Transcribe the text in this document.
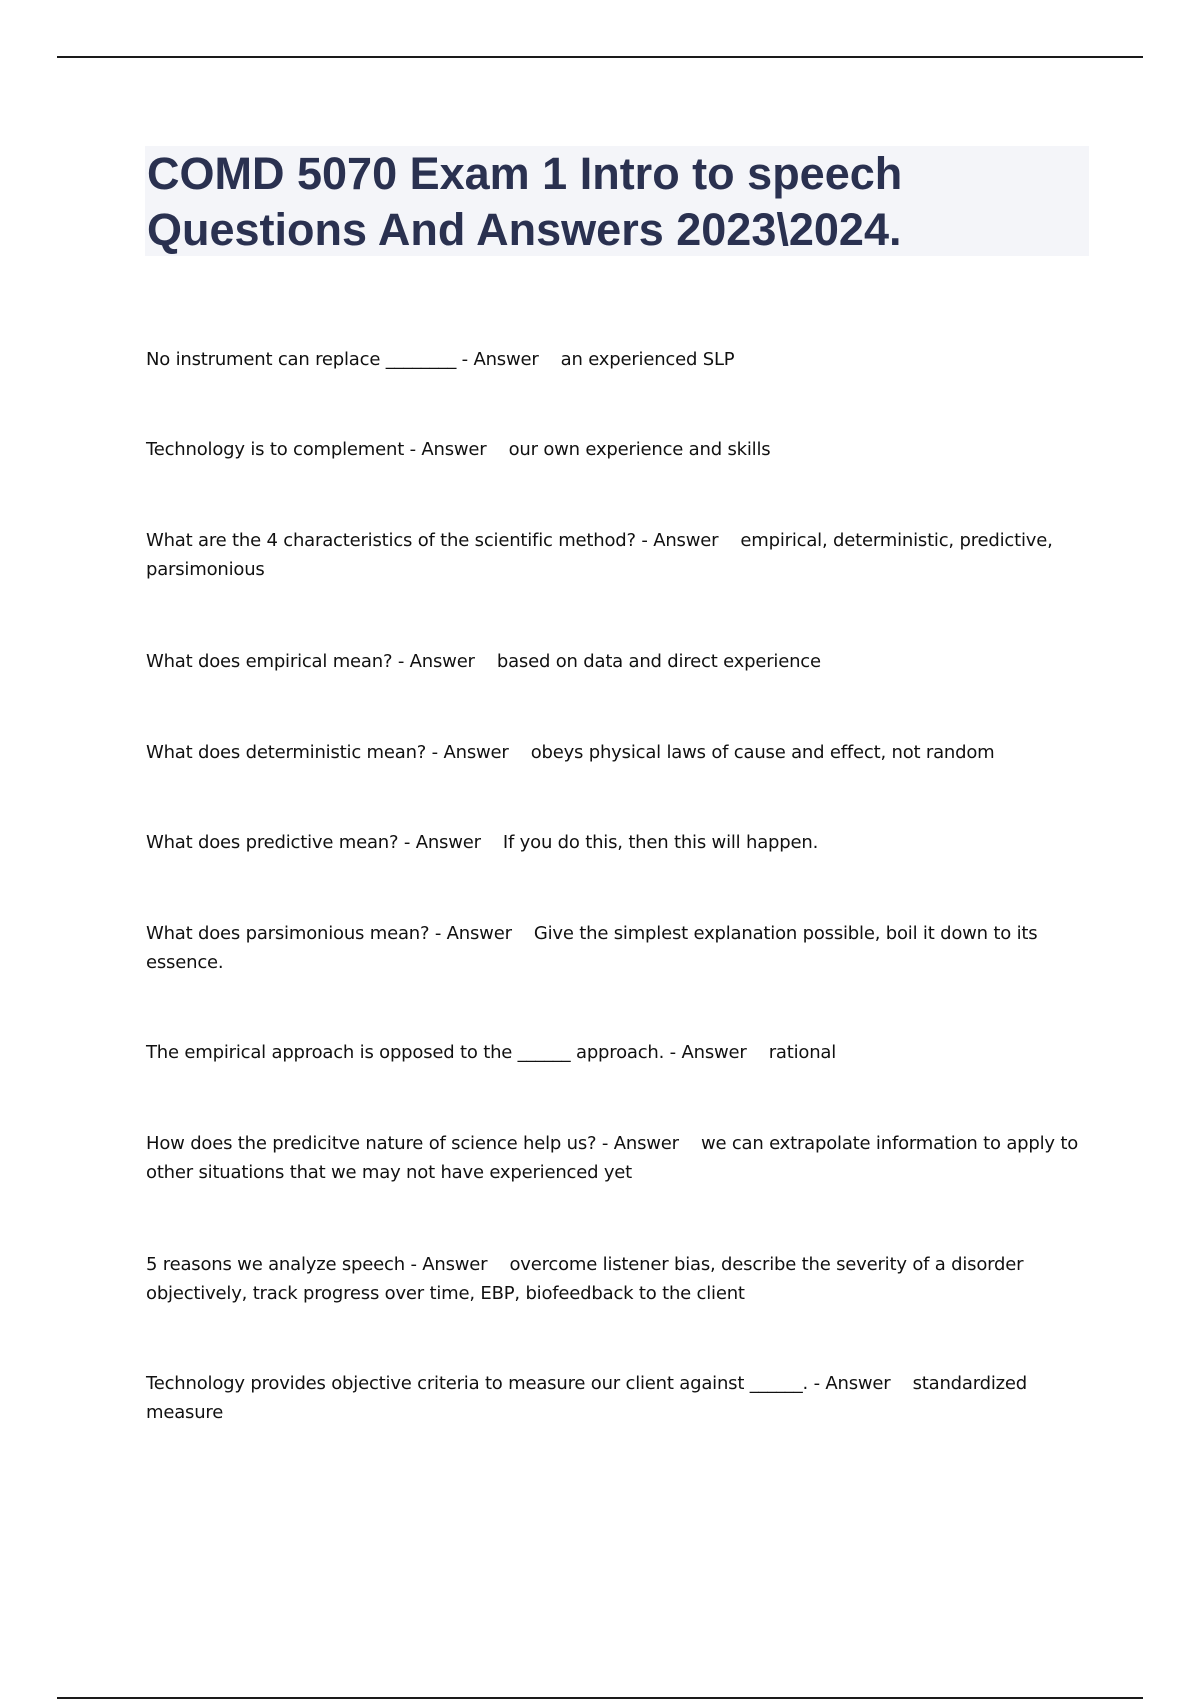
COMD 5070 Exam 1 Intro to speech Questions And Answers 2023\2024.
No instrument can replace ________ - Answer    an experienced SLP
Technology is to complement - Answer    our own experience and skills
What are the 4 characteristics of the scientific method? - Answer    empirical, deterministic, predictive, parsimonious
What does empirical mean? - Answer    based on data and direct experience
What does deterministic mean? - Answer    obeys physical laws of cause and effect, not random
What does predictive mean? - Answer    If you do this, then this will happen.
What does parsimonious mean? - Answer    Give the simplest explanation possible, boil it down to its essence.
The empirical approach is opposed to the ______ approach. - Answer    rational
How does the predicitve nature of science help us? - Answer    we can extrapolate information to apply to other situations that we may not have experienced yet
5 reasons we analyze speech - Answer    overcome listener bias, describe the severity of a disorder objectively, track progress over time, EBP, biofeedback to the client
Technology provides objective criteria to measure our client against ______. - Answer    standardized measure
